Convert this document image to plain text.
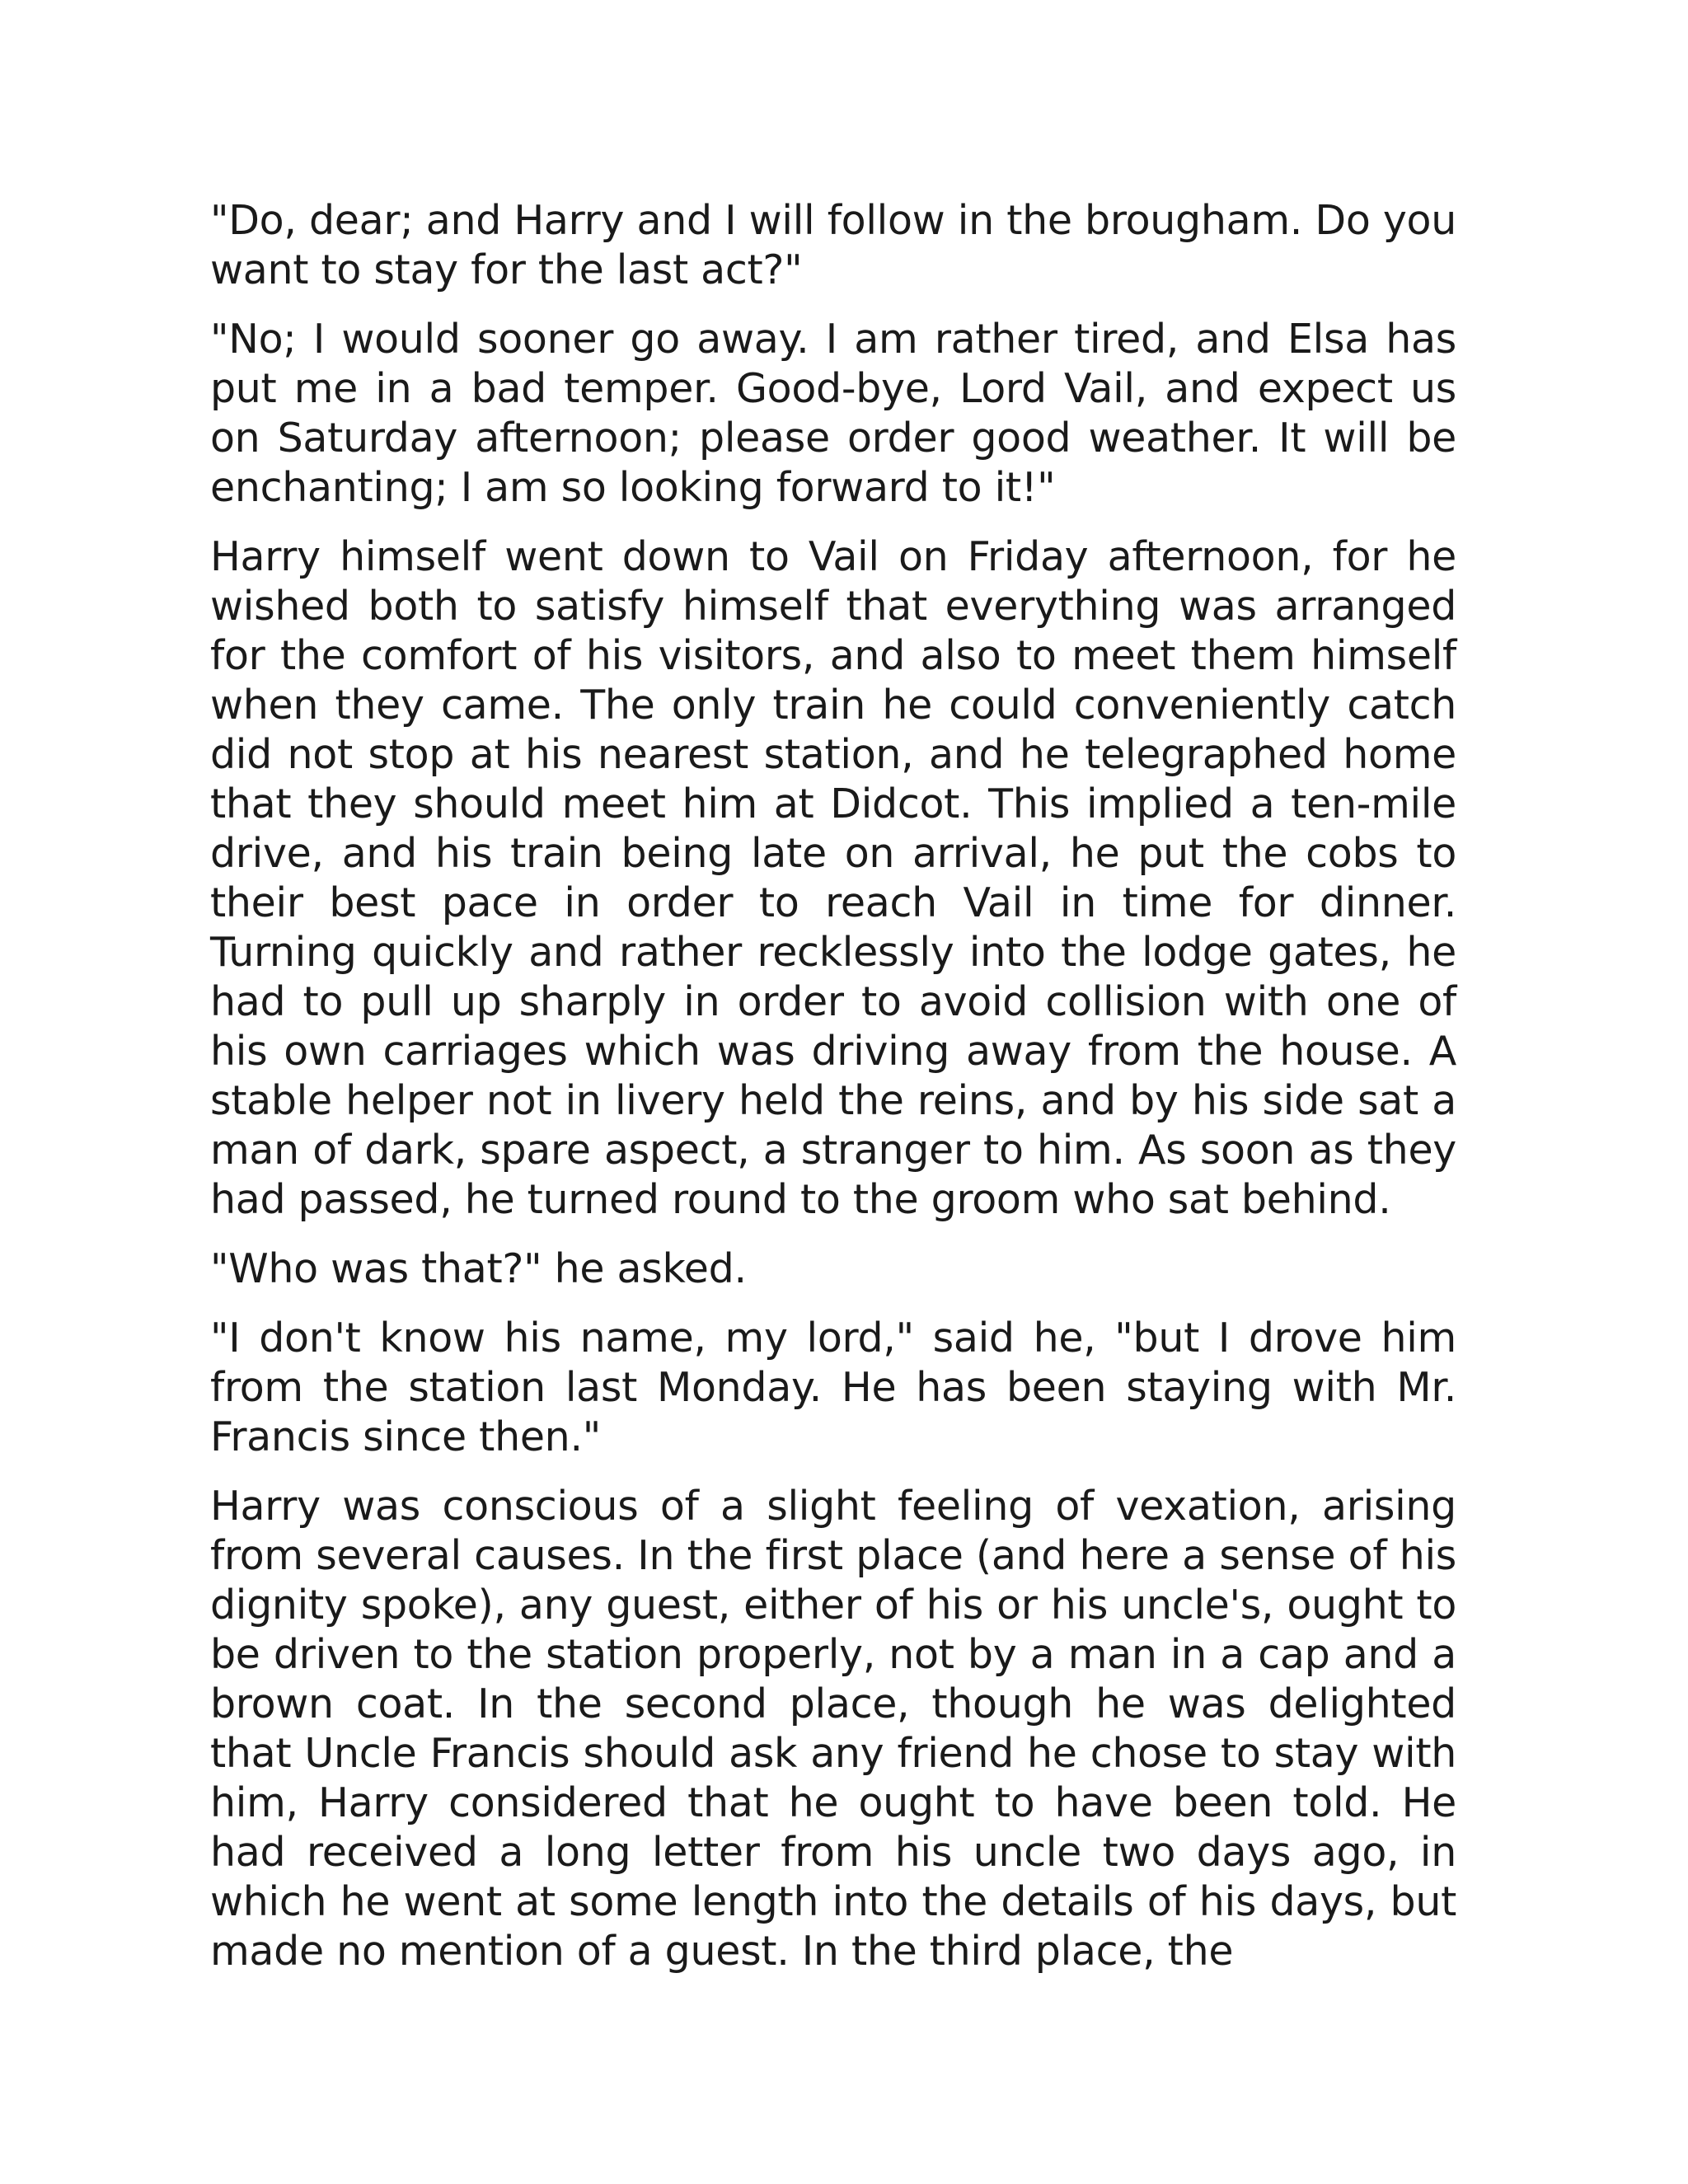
"Do, dear; and Harry and I will follow in the brougham. Do you want to stay for the last act?"

"No; I would sooner go away. I am rather tired, and Elsa has put me in a bad temper. Good-bye, Lord Vail, and expect us on Saturday afternoon; please order good weather. It will be enchanting; I am so looking forward to it!"

Harry himself went down to Vail on Friday afternoon, for he wished both to satisfy himself that everything was arranged for the comfort of his visitors, and also to meet them himself when they came. The only train he could conveniently catch did not stop at his nearest station, and he telegraphed home that they should meet him at Didcot. This implied a ten-mile drive, and his train being late on arrival, he put the cobs to their best pace in order to reach Vail in time for dinner. Turning quickly and rather recklessly into the lodge gates, he had to pull up sharply in order to avoid collision with one of his own carriages which was driving away from the house. A stable helper not in livery held the reins, and by his side sat a man of dark, spare aspect, a stranger to him. As soon as they had passed, he turned round to the groom who sat behind.

"Who was that?" he asked.

"I don't know his name, my lord," said he, "but I drove him from the station last Monday. He has been staying with Mr. Francis since then."

Harry was conscious of a slight feeling of vexation, arising from several causes. In the first place (and here a sense of his dignity spoke), any guest, either of his or his uncle's, ought to be driven to the station properly, not by a man in a cap and a brown coat. In the second place, though he was delighted that Uncle Francis should ask any friend he chose to stay with him, Harry considered that he ought to have been told. He had received a long letter from his uncle two days ago, in which he went at some length into the details of his days, but made no mention of a guest. In the third place, the
